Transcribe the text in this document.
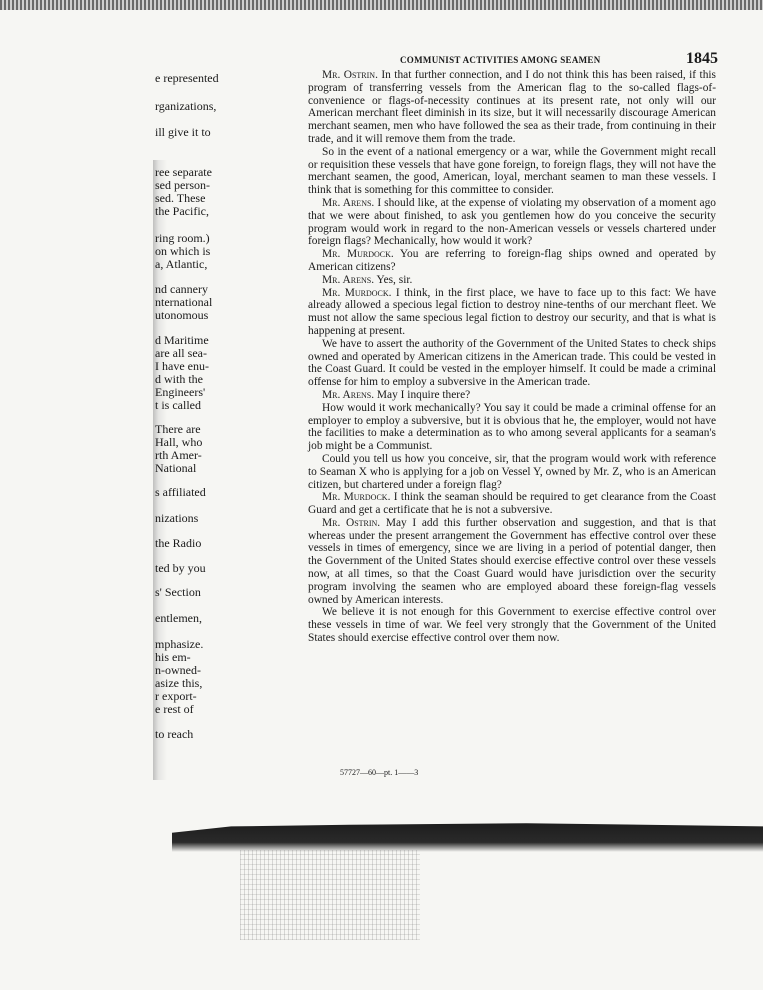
e represented
rganizations,
ill give it to
ree separate
sed person-
sed. These
the Pacific,
ring room.)
on which is
a, Atlantic,
nd cannery
nternational
utonomous
d Maritime
are all sea-
I have enu-
d with the
Engineers'
t is called
There are
Hall, who
rth Amer-
National
s affiliated
nizations
the Radio
ted by you
s' Section
entlemen,
mphasize.
his em-
n-owned-
asize this,
r export-
e rest of
to reach
COMMUNIST ACTIVITIES AMONG SEAMEN	1845

Mr. Ostrin. In that further connection, and I do not think this has been raised, if this program of transferring vessels from the American flag to the so-called flags-of-convenience or flags-of-necessity continues at its present rate, not only will our American merchant fleet diminish in its size, but it will necessarily discourage American merchant seamen, men who have followed the sea as their trade, from continuing in their trade, and it will remove them from the trade.

So in the event of a national emergency or a war, while the Government might recall or requisition these vessels that have gone foreign, to foreign flags, they will not have the merchant seamen, the good, American, loyal, merchant seamen to man these vessels. I think that is something for this committee to consider.

Mr. Arens. I should like, at the expense of violating my observation of a moment ago that we were about finished, to ask you gentlemen how do you conceive the security program would work in regard to the non-American vessels or vessels chartered under foreign flags? Mechanically, how would it work?

Mr. Murdock. You are referring to foreign-flag ships owned and operated by American citizens?

Mr. Arens. Yes, sir.

Mr. Murdock. I think, in the first place, we have to face up to this fact: We have already allowed a specious legal fiction to destroy nine-tenths of our merchant fleet. We must not allow the same specious legal fiction to destroy our security, and that is what is happening at present.

We have to assert the authority of the Government of the United States to check ships owned and operated by American citizens in the American trade. This could be vested in the Coast Guard. It could be vested in the employer himself. It could be made a criminal offense for him to employ a subversive in the American trade.

Mr. Arens. May I inquire there?

How would it work mechanically? You say it could be made a criminal offense for an employer to employ a subversive, but it is obvious that he, the employer, would not have the facilities to make a determination as to who among several applicants for a seaman's job might be a Communist.

Could you tell us how you conceive, sir, that the program would work with reference to Seaman X who is applying for a job on Vessel Y, owned by Mr. Z, who is an American citizen, but chartered under a foreign flag?

Mr. Murdock. I think the seaman should be required to get clearance from the Coast Guard and get a certificate that he is not a subversive.

Mr. Ostrin. May I add this further observation and suggestion, and that is that whereas under the present arrangement the Government has effective control over these vessels in times of emergency, since we are living in a period of potential danger, then the Government of the United States should exercise effective control over these vessels now, at all times, so that the Coast Guard would have jurisdiction over the security program involving the seamen who are employed aboard these foreign-flag vessels owned by American interests.

We believe it is not enough for this Government to exercise effective control over these vessels in time of war. We feel very strongly that the Government of the United States should exercise effective control over them now.

57727—60—pt. 1——3
